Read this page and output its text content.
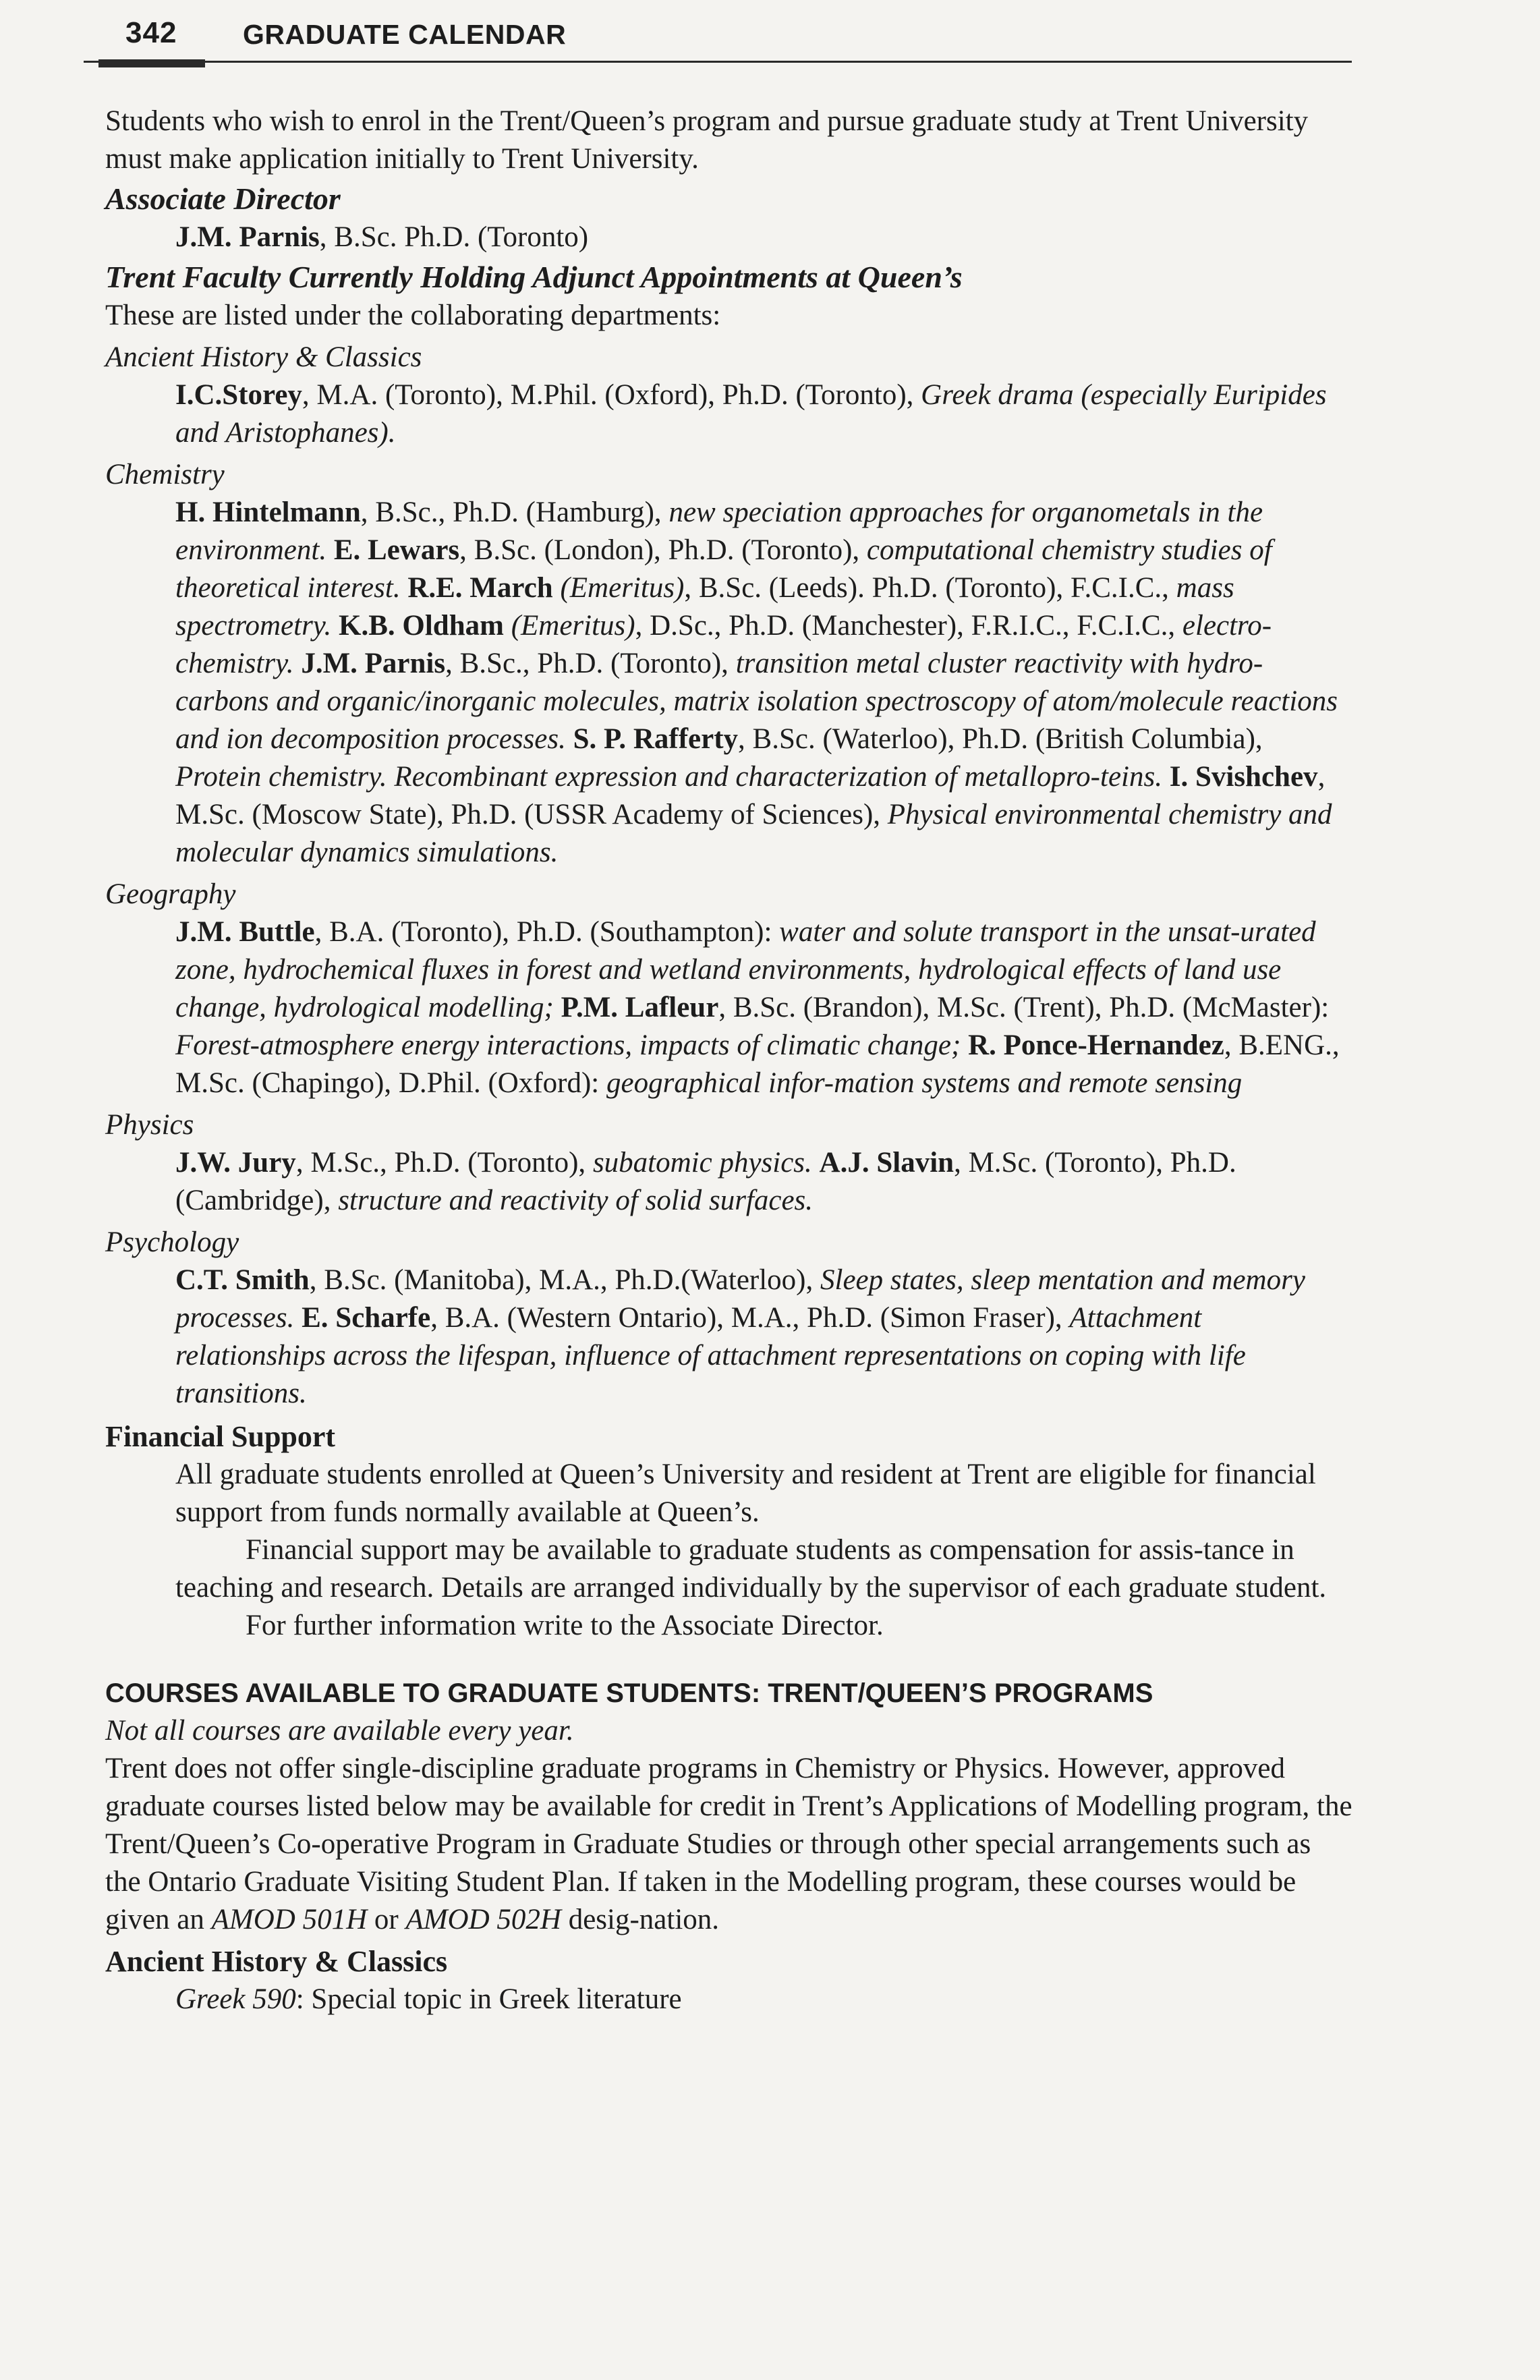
342 GRADUATE CALENDAR

Students who wish to enrol in the Trent/Queen’s program and pursue graduate study at Trent University must make application initially to Trent University.

Associate Director

J.M. Parnis, B.Sc. Ph.D. (Toronto)

Trent Faculty Currently Holding Adjunct Appointments at Queen’s

These are listed under the collaborating departments:

Ancient History & Classics

I.C.Storey, M.A. (Toronto), M.Phil. (Oxford), Ph.D. (Toronto), Greek drama (especially Euripides and Aristophanes).

Chemistry

H. Hintelmann, B.Sc., Ph.D. (Hamburg), new speciation approaches for organometals in the environment. E. Lewars, B.Sc. (London), Ph.D. (Toronto), computational chemistry studies of theoretical interest. R.E. March (Emeritus), B.Sc. (Leeds). Ph.D. (Toronto), F.C.I.C., mass spectrometry. K.B. Oldham (Emeritus), D.Sc., Ph.D. (Manchester), F.R.I.C., F.C.I.C., electro-chemistry. J.M. Parnis, B.Sc., Ph.D. (Toronto), transition metal cluster reactivity with hydro-carbons and organic/inorganic molecules, matrix isolation spectroscopy of atom/molecule reactions and ion decomposition processes. S. P. Rafferty, B.Sc. (Waterloo), Ph.D. (British Columbia), Protein chemistry. Recombinant expression and characterization of metallopro-teins. I. Svishchev, M.Sc. (Moscow State), Ph.D. (USSR Academy of Sciences), Physical environmental chemistry and molecular dynamics simulations.

Geography

J.M. Buttle, B.A. (Toronto), Ph.D. (Southampton): water and solute transport in the unsat-urated zone, hydrochemical fluxes in forest and wetland environments, hydrological effects of land use change, hydrological modelling; P.M. Lafleur, B.Sc. (Brandon), M.Sc. (Trent), Ph.D. (McMaster): Forest-atmosphere energy interactions, impacts of climatic change; R. Ponce-Hernandez, B.ENG., M.Sc. (Chapingo), D.Phil. (Oxford): geographical infor-mation systems and remote sensing

Physics

J.W. Jury, M.Sc., Ph.D. (Toronto), subatomic physics. A.J. Slavin, M.Sc. (Toronto), Ph.D. (Cambridge), structure and reactivity of solid surfaces.

Psychology

C.T. Smith, B.Sc. (Manitoba), M.A., Ph.D.(Waterloo), Sleep states, sleep mentation and memory processes. E. Scharfe, B.A. (Western Ontario), M.A., Ph.D. (Simon Fraser), Attachment relationships across the lifespan, influence of attachment representations on coping with life transitions.

Financial Support

All graduate students enrolled at Queen’s University and resident at Trent are eligible for financial support from funds normally available at Queen’s.

Financial support may be available to graduate students as compensation for assis-tance in teaching and research. Details are arranged individually by the supervisor of each graduate student.

For further information write to the Associate Director.

COURSES AVAILABLE TO GRADUATE STUDENTS: TRENT/QUEEN’S PROGRAMS

Not all courses are available every year.

Trent does not offer single-discipline graduate programs in Chemistry or Physics. However, approved graduate courses listed below may be available for credit in Trent’s Applications of Modelling program, the Trent/Queen’s Co-operative Program in Graduate Studies or through other special arrangements such as the Ontario Graduate Visiting Student Plan. If taken in the Modelling program, these courses would be given an AMOD 501H or AMOD 502H desig-nation.

Ancient History & Classics

Greek 590: Special topic in Greek literature
